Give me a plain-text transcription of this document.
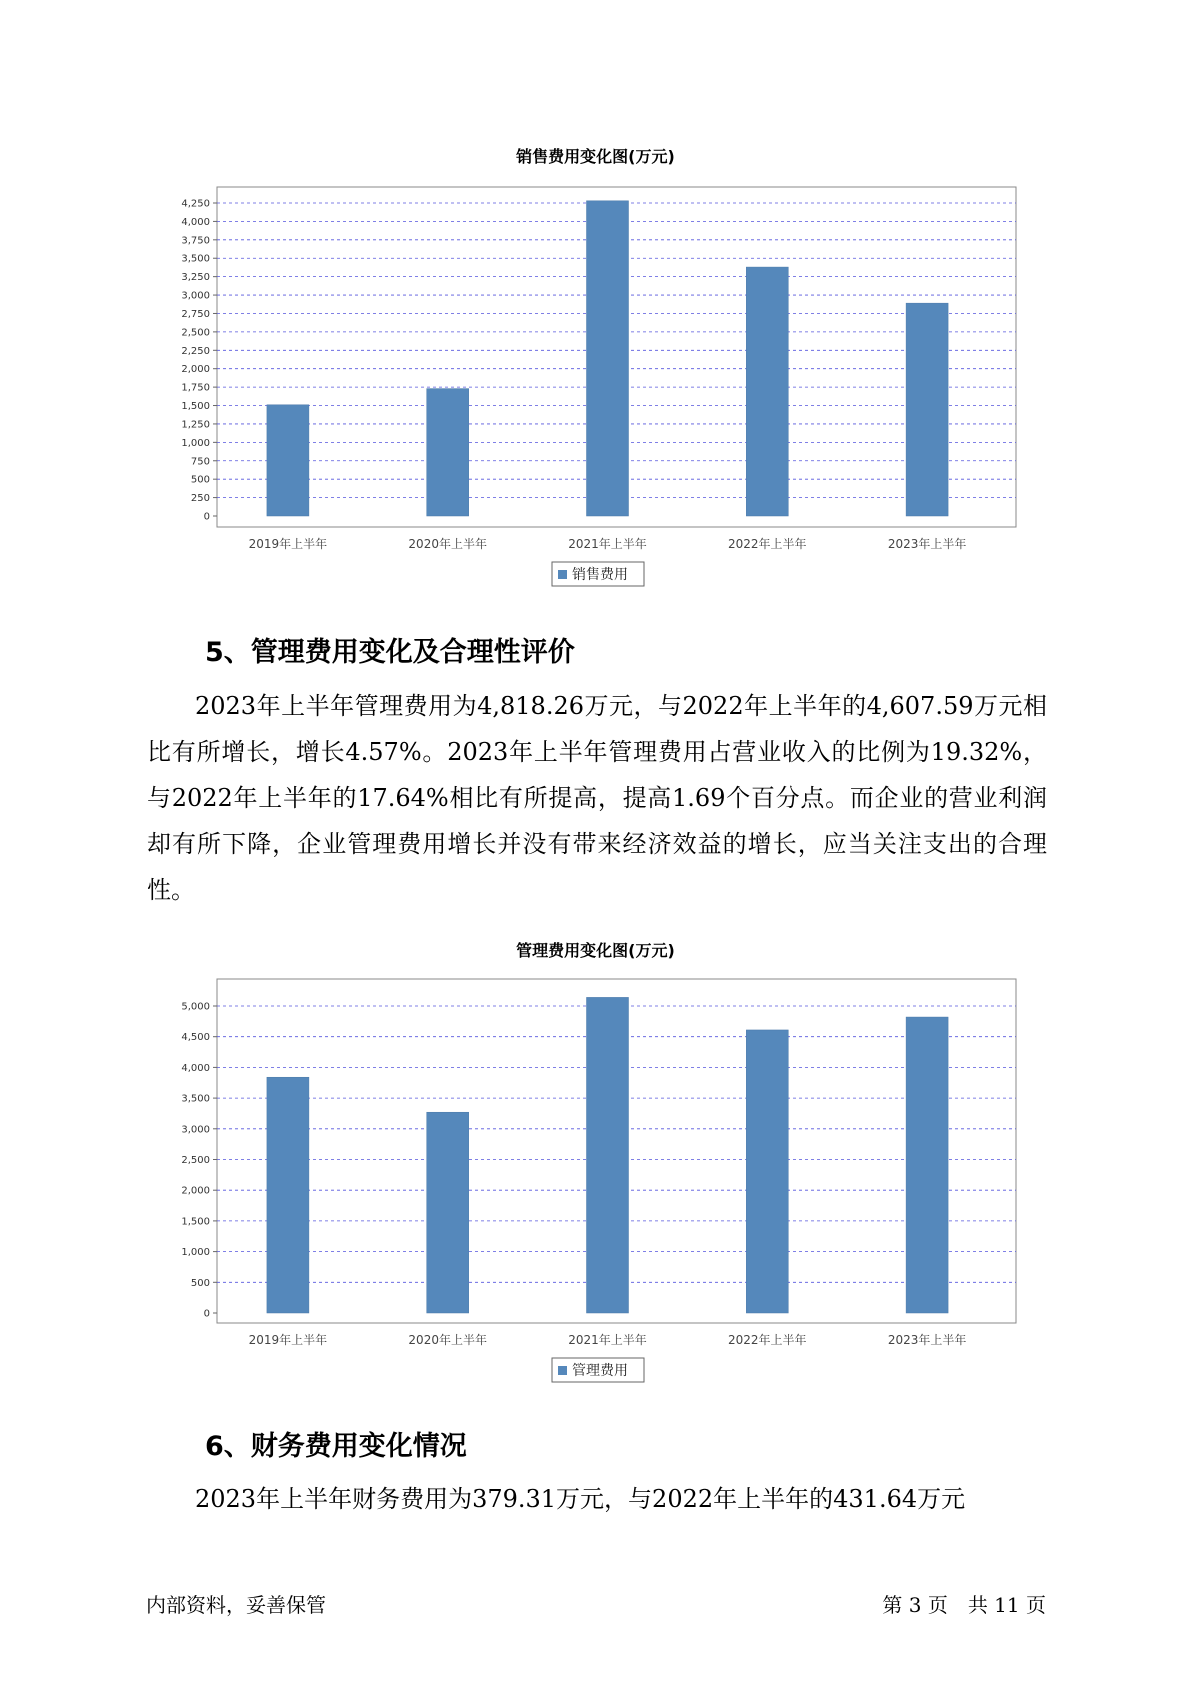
销售费用变化图(万元)
0
250
500
750
1,000
1,250
1,500
1,750
2,000
2,250
2,500
2,750
3,000
3,250
3,500
3,750
4,000
4,250
2019年上半年	2020年上半年	2021年上半年	2022年上半年	2023年上半年
销售费用
5、管理费用变化及合理性评价

2023年上半年管理费用为4,818.26万元，与2022年上半年的4,607.59万元相比有所增长，增长4.57%。2023年上半年管理费用占营业收入的比例为19.32%，与2022年上半年的17.64%相比有所提高，提高1.69个百分点。而企业的营业利润却有所下降，企业管理费用增长并没有带来经济效益的增长，应当关注支出的合理性。

管理费用变化图(万元)
0
500
1,000
1,500
2,000
2,500
3,000
3,500
4,000
4,500
5,000
2019年上半年	2020年上半年	2021年上半年	2022年上半年	2023年上半年
管理费用
6、财务费用变化情况

2023年上半年财务费用为379.31万元，与2022年上半年的431.64万元

内部资料，妥善保管	第 3 页　共 11 页
